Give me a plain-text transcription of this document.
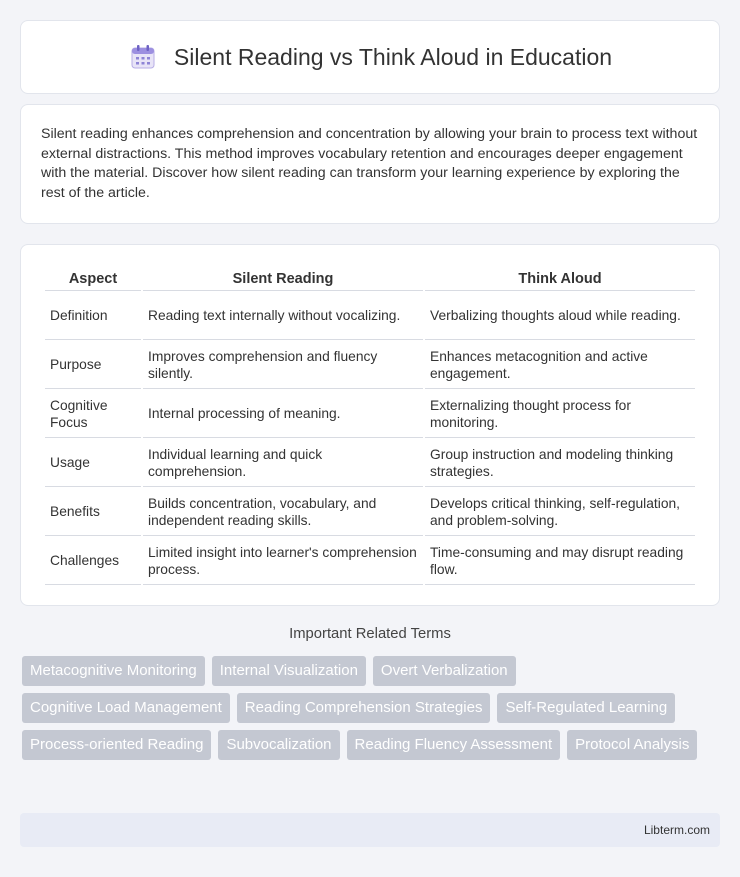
Silent Reading vs Think Aloud in Education

Silent reading enhances comprehension and concentration by allowing your brain to process text without external distractions. This method improves vocabulary retention and encourages deeper engagement with the material. Discover how silent reading can transform your learning experience by exploring the rest of the article.

Aspect	Silent Reading	Think Aloud
Definition	Reading text internally without vocalizing.	Verbalizing thoughts aloud while reading.
Purpose	Improves comprehension and fluency silently.	Enhances metacognition and active engagement.
Cognitive Focus	Internal processing of meaning.	Externalizing thought process for monitoring.
Usage	Individual learning and quick comprehension.	Group instruction and modeling thinking strategies.
Benefits	Builds concentration, vocabulary, and independent reading skills.	Develops critical thinking, self-regulation, and problem-solving.
Challenges	Limited insight into learner's comprehension process.	Time-consuming and may disrupt reading flow.
Important Related Terms
Metacognitive Monitoring	Internal Visualization	Overt Verbalization
Cognitive Load Management	Reading Comprehension Strategies	Self-Regulated Learning
Process-oriented Reading	Subvocalization	Reading Fluency Assessment	Protocol Analysis
Libterm.com
